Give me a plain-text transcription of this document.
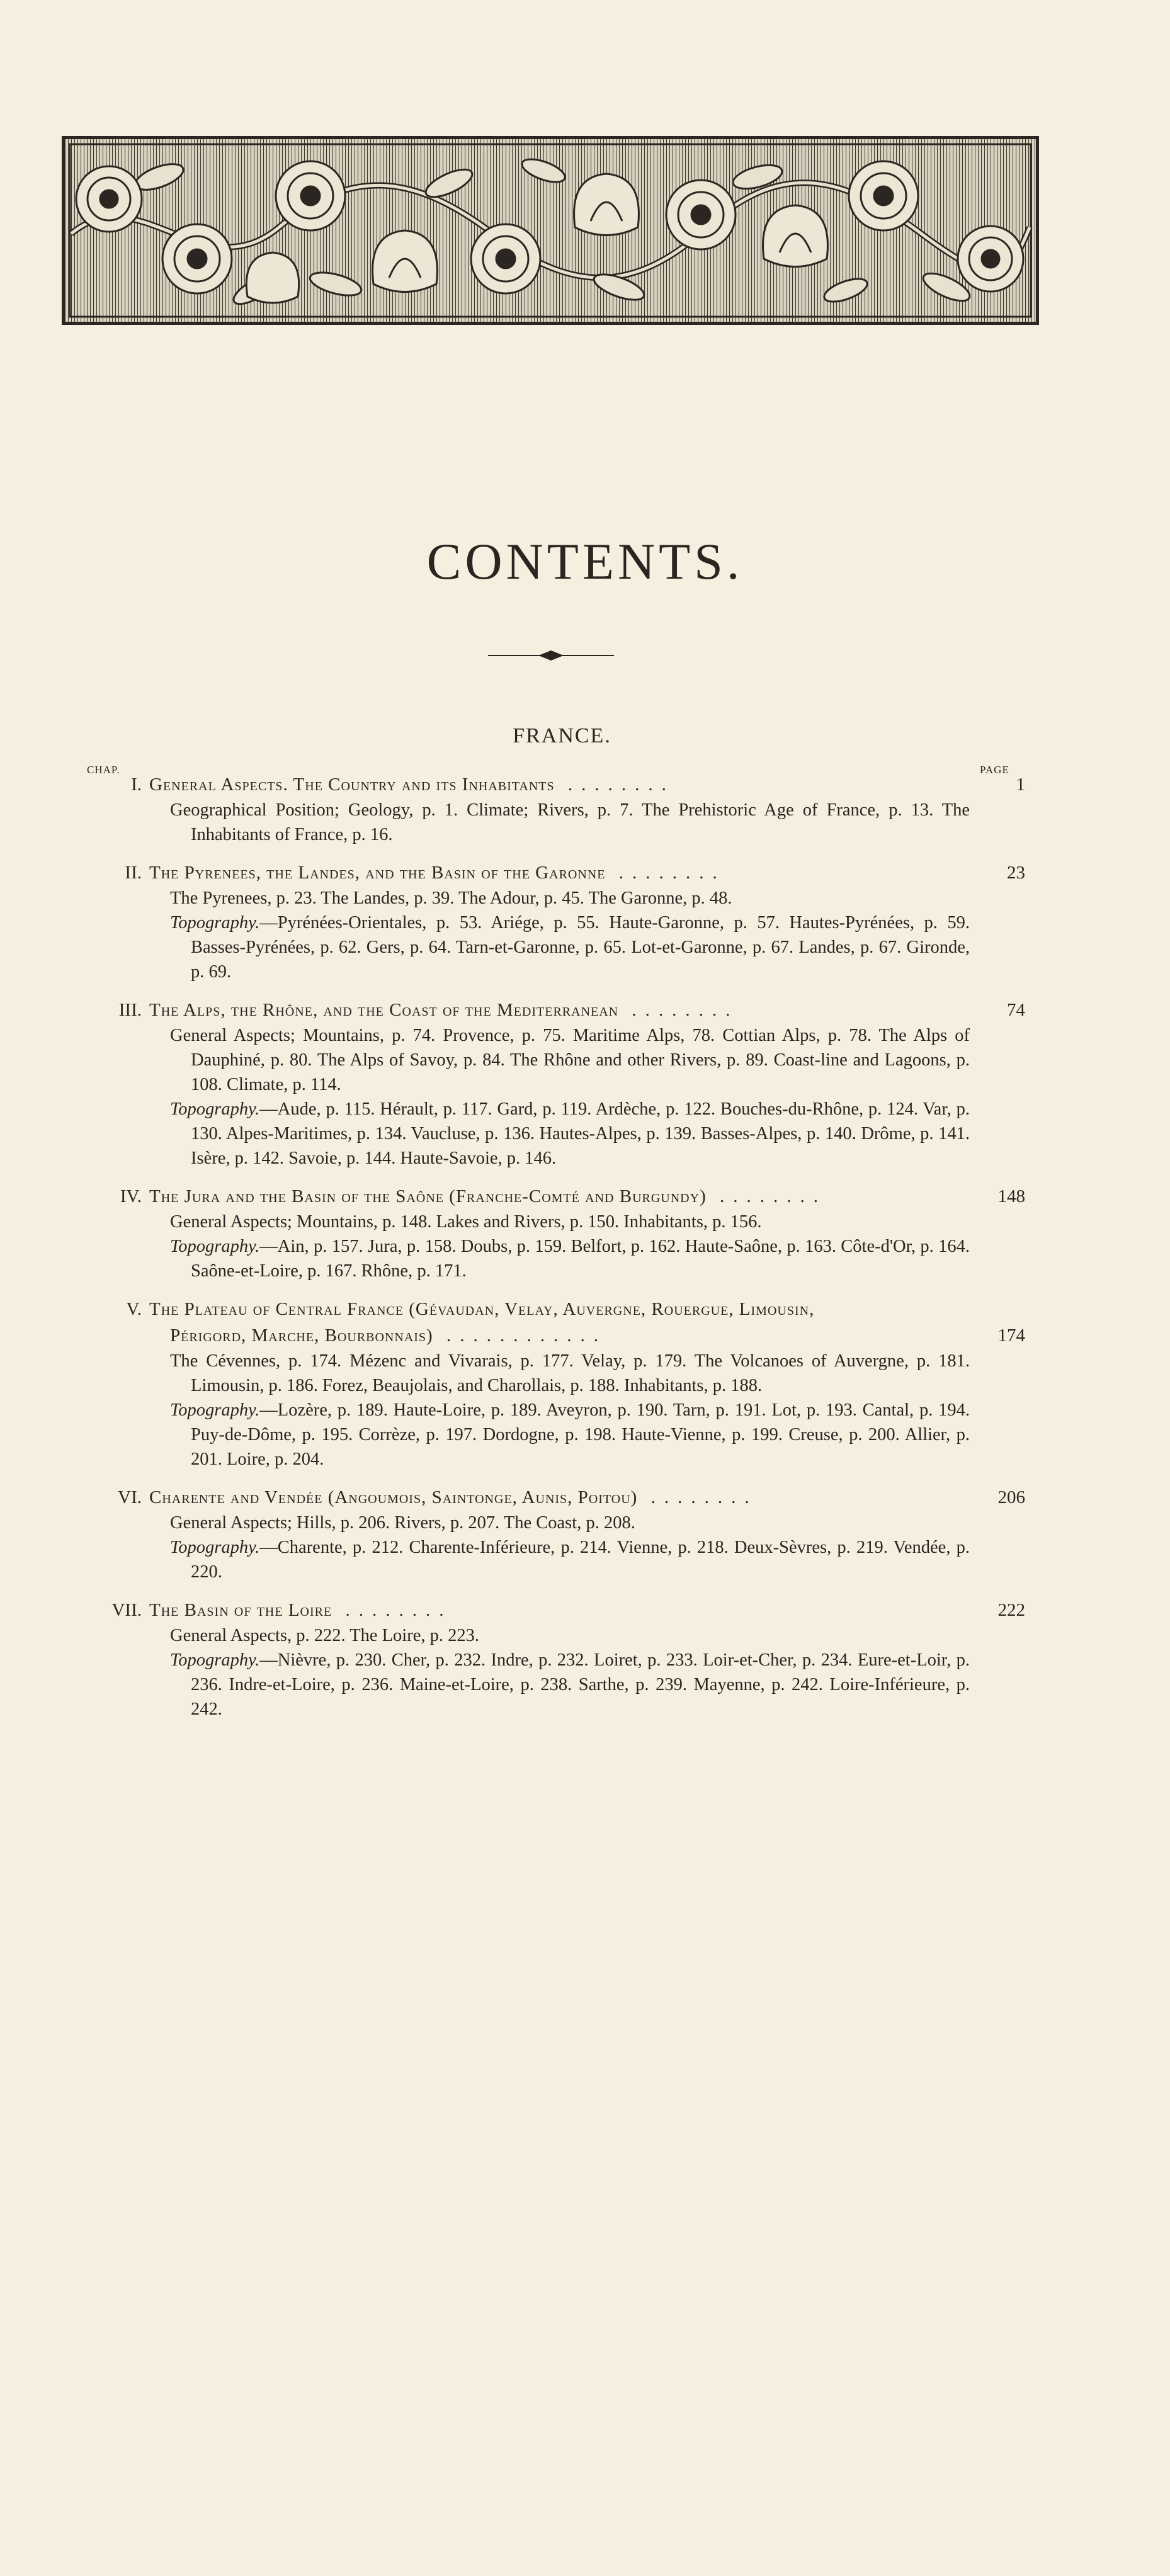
CONTENTS.
FRANCE.
CHAP.	PAGE
I. General Aspects. The Country and its Inhabitants ........	1

Geographical Position; Geology, p. 1. Climate; Rivers, p. 7. The Prehistoric Age of France, p. 13. The Inhabitants of France, p. 16.

II. The Pyrenees, the Landes, and the Basin of the Garonne ........	23

The Pyrenees, p. 23. The Landes, p. 39. The Adour, p. 45. The Garonne, p. 48.

Topography.—Pyrénées-Orientales, p. 53. Ariége, p. 55. Haute-Garonne, p. 57. Hautes-Pyrénées, p. 59. Basses-Pyrénées, p. 62. Gers, p. 64. Tarn-et-Garonne, p. 65. Lot-et-Garonne, p. 67. Landes, p. 67. Gironde, p. 69.

III. The Alps, the Rhône, and the Coast of the Mediterranean ........	74

General Aspects; Mountains, p. 74. Provence, p. 75. Maritime Alps, 78. Cottian Alps, p. 78. The Alps of Dauphiné, p. 80. The Alps of Savoy, p. 84. The Rhône and other Rivers, p. 89. Coast-line and Lagoons, p. 108. Climate, p. 114.

Topography.—Aude, p. 115. Hérault, p. 117. Gard, p. 119. Ardèche, p. 122. Bouches-du-Rhône, p. 124. Var, p. 130. Alpes-Maritimes, p. 134. Vaucluse, p. 136. Hautes-Alpes, p. 139. Basses-Alpes, p. 140. Drôme, p. 141. Isère, p. 142. Savoie, p. 144. Haute-Savoie, p. 146.

IV. The Jura and the Basin of the Saône (Franche-Comté and Burgundy) ........	148

General Aspects; Mountains, p. 148. Lakes and Rivers, p. 150. Inhabitants, p. 156.

Topography.—Ain, p. 157. Jura, p. 158. Doubs, p. 159. Belfort, p. 162. Haute-Saône, p. 163. Côte-d'Or, p. 164. Saône-et-Loire, p. 167. Rhône, p. 171.

V. The Plateau of Central France (Gévaudan, Velay, Auvergne, Rouergue, Limousin,
Périgord, Marche, Bourbonnais) ............	174

The Cévennes, p. 174. Mézenc and Vivarais, p. 177. Velay, p. 179. The Volcanoes of Auvergne, p. 181. Limousin, p. 186. Forez, Beaujolais, and Charollais, p. 188. Inhabitants, p. 188.

Topography.—Lozère, p. 189. Haute-Loire, p. 189. Aveyron, p. 190. Tarn, p. 191. Lot, p. 193. Cantal, p. 194. Puy-de-Dôme, p. 195. Corrèze, p. 197. Dordogne, p. 198. Haute-Vienne, p. 199. Creuse, p. 200. Allier, p. 201. Loire, p. 204.

VI. Charente and Vendée (Angoumois, Saintonge, Aunis, Poitou) ........	206

General Aspects; Hills, p. 206. Rivers, p. 207. The Coast, p. 208.

Topography.—Charente, p. 212. Charente-Inférieure, p. 214. Vienne, p. 218. Deux-Sèvres, p. 219. Vendée, p. 220.

VII. The Basin of the Loire ........	222

General Aspects, p. 222. The Loire, p. 223.

Topography.—Nièvre, p. 230. Cher, p. 232. Indre, p. 232. Loiret, p. 233. Loir-et-Cher, p. 234. Eure-et-Loir, p. 236. Indre-et-Loire, p. 236. Maine-et-Loire, p. 238. Sarthe, p. 239. Mayenne, p. 242. Loire-Inférieure, p. 242.
